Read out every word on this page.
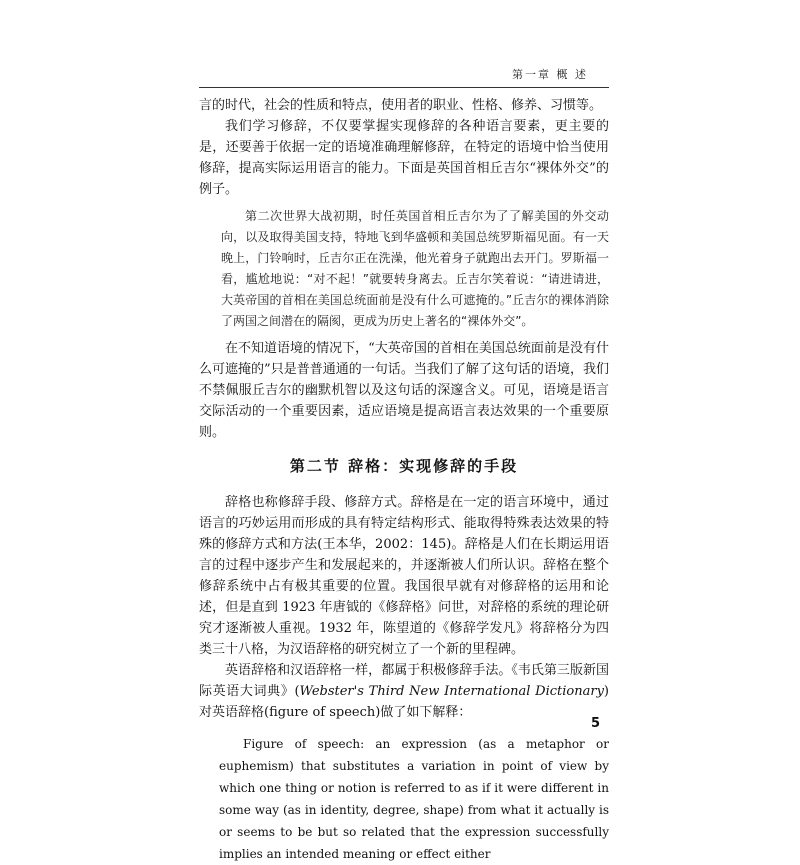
第一章 概 述

言的时代，社会的性质和特点，使用者的职业、性格、修养、习惯等。

我们学习修辞，不仅要掌握实现修辞的各种语言要素，更主要的是，还要善于依据一定的语境准确理解修辞，在特定的语境中恰当使用修辞，提高实际运用语言的能力。下面是英国首相丘吉尔“裸体外交”的例子。

第二次世界大战初期，时任英国首相丘吉尔为了了解美国的外交动向，以及取得美国支持，特地飞到华盛顿和美国总统罗斯福见面。有一天晚上，门铃响时，丘吉尔正在洗澡，他光着身子就跑出去开门。罗斯福一看，尴尬地说：“对不起！”就要转身离去。丘吉尔笑着说：“请进请进，大英帝国的首相在美国总统面前是没有什么可遮掩的。”丘吉尔的裸体消除了两国之间潜在的隔阂，更成为历史上著名的“裸体外交”。

在不知道语境的情况下，“大英帝国的首相在美国总统面前是没有什么可遮掩的”只是普普通通的一句话。当我们了解了这句话的语境，我们不禁佩服丘吉尔的幽默机智以及这句话的深邃含义。可见，语境是语言交际活动的一个重要因素，适应语境是提高语言表达效果的一个重要原则。

第二节 辞格：实现修辞的手段

辞格也称修辞手段、修辞方式。辞格是在一定的语言环境中，通过语言的巧妙运用而形成的具有特定结构形式、能取得特殊表达效果的特殊的修辞方式和方法(王本华，2002：145)。辞格是人们在长期运用语言的过程中逐步产生和发展起来的，并逐渐被人们所认识。辞格在整个修辞系统中占有极其重要的位置。我国很早就有对修辞格的运用和论述，但是直到 1923 年唐钺的《修辞格》问世，对辞格的系统的理论研究才逐渐被人重视。1932 年，陈望道的《修辞学发凡》将辞格分为四类三十八格，为汉语辞格的研究树立了一个新的里程碑。

英语辞格和汉语辞格一样，都属于积极修辞手法。《韦氏第三版新国际英语大词典》(Webster's Third New International Dictionary)对英语辞格(figure of speech)做了如下解释：

Figure of speech: an expression (as a metaphor or euphemism) that substitutes a variation in point of view by which one thing or notion is referred to as if it were different in some way (as in identity, degree, shape) from what it actually is or seems to be but so related that the expression successfully implies an intended meaning or effect either

5
